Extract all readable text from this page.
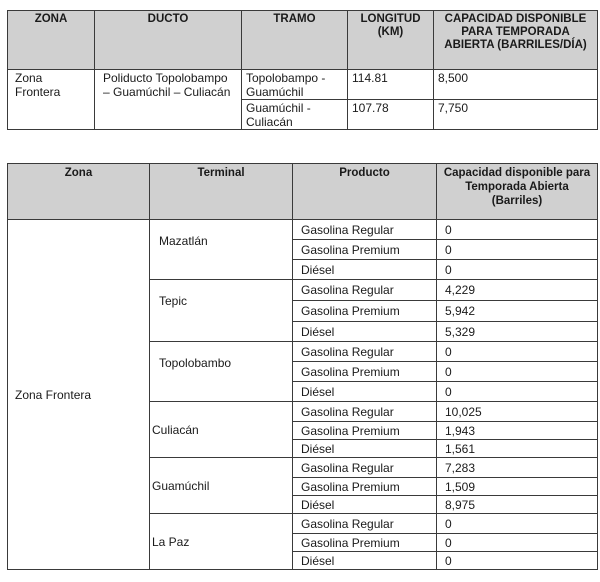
ZONA	DUCTO	TRAMO	LONGITUD (KM)	CAPACIDAD DISPONIBLE PARA TEMPORADA ABIERTA (BARRILES/DÍA)
Zona Frontera	Poliducto Topolobampo – Guamúchil – Culiacán	Topolobampo - Guamúchil	114.81	8,500
		Guamúchil - Culiacán	107.78	7,750
Zona	Terminal	Producto	Capacidad disponible para Temporada Abierta (Barriles)
Zona Frontera	Mazatlán	Gasolina Regular	0
		Gasolina Premium	0
		Diésel	0
	Tepic	Gasolina Regular	4,229
		Gasolina Premium	5,942
		Diésel	5,329
	Topolobambo	Gasolina Regular	0
		Gasolina Premium	0
		Diésel	0
	Culiacán	Gasolina Regular	10,025
		Gasolina Premium	1,943
		Diésel	1,561
	Guamúchil	Gasolina Regular	7,283
		Gasolina Premium	1,509
		Diésel	8,975
	La Paz	Gasolina Regular	0
		Gasolina Premium	0
		Diésel	0
